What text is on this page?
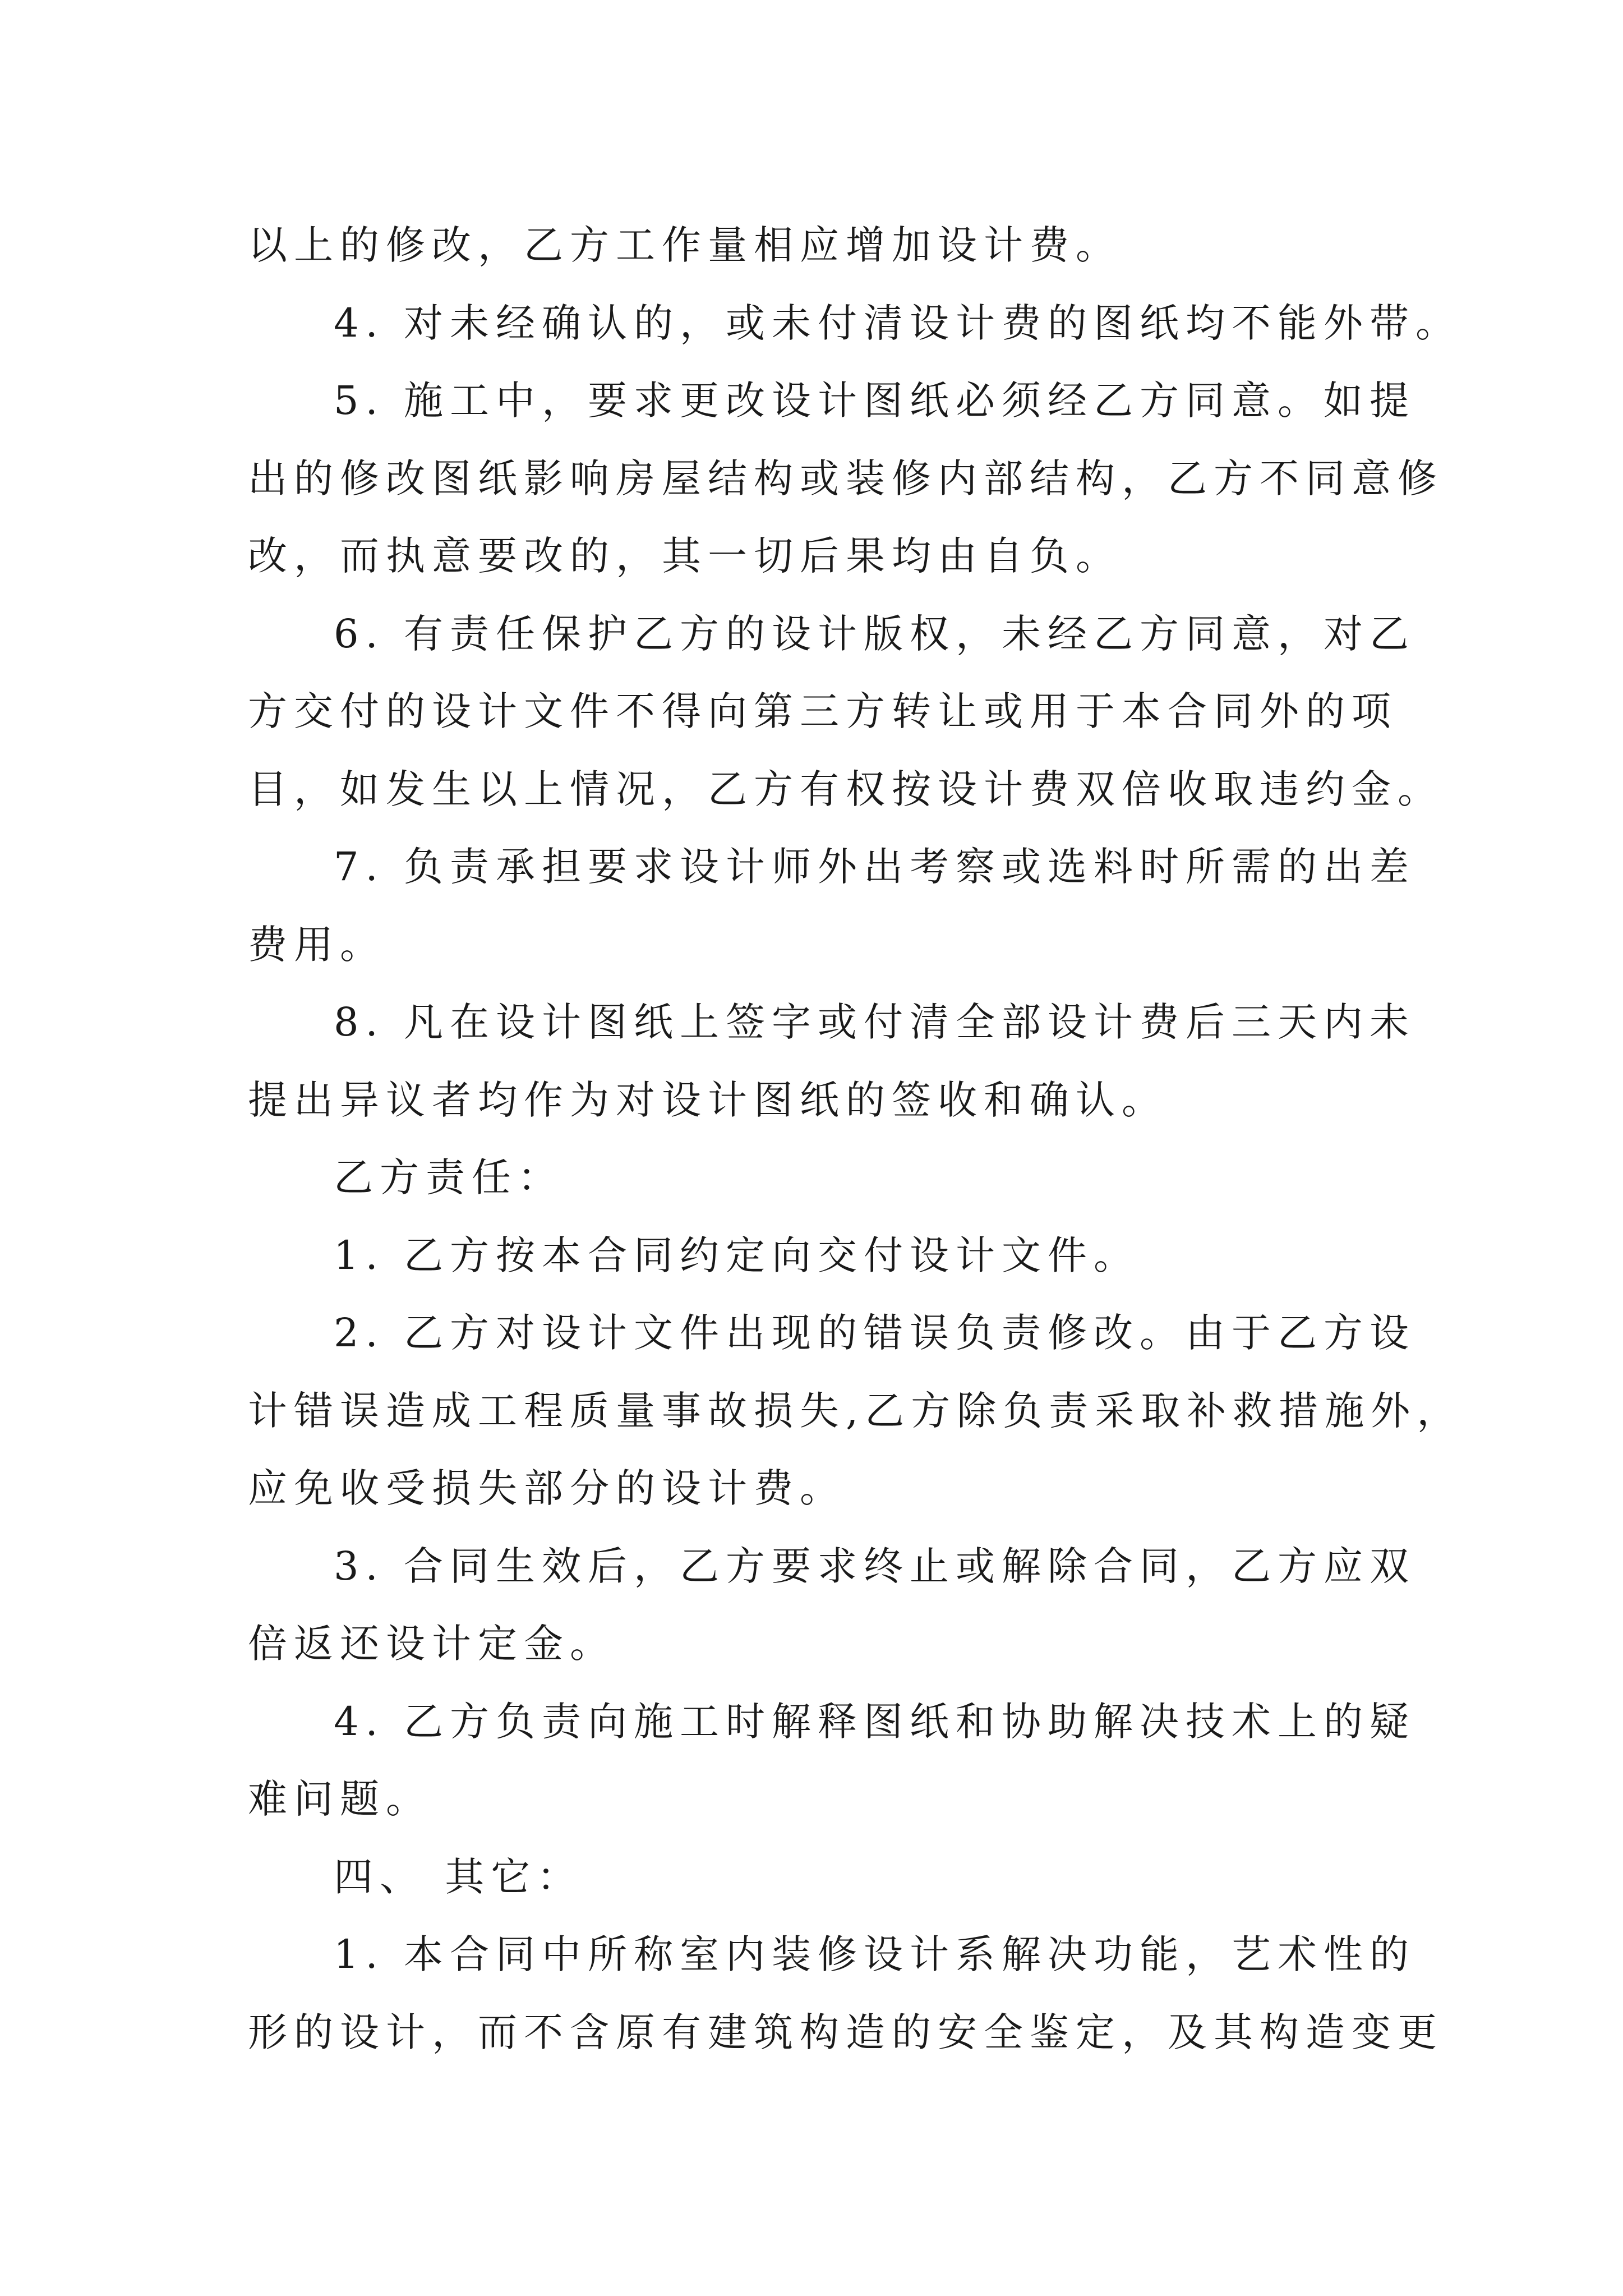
以上的修改，乙方工作量相应增加设计费。
4. 对未经确认的，或未付清设计费的图纸均不能外带。
5. 施工中，要求更改设计图纸必须经乙方同意。如提
出的修改图纸影响房屋结构或装修内部结构，乙方不同意修
改，而执意要改的，其一切后果均由自负。
6. 有责任保护乙方的设计版权，未经乙方同意，对乙
方交付的设计文件不得向第三方转让或用于本合同外的项
目，如发生以上情况，乙方有权按设计费双倍收取违约金。
7. 负责承担要求设计师外出考察或选料时所需的出差
费用。
8. 凡在设计图纸上签字或付清全部设计费后三天内未
提出异议者均作为对设计图纸的签收和确认。
乙方责任：
1. 乙方按本合同约定向交付设计文件。
2. 乙方对设计文件出现的错误负责修改。由于乙方设
计错误造成工程质量事故损失,乙方除负责采取补救措施外，
应免收受损失部分的设计费。
3. 合同生效后，乙方要求终止或解除合同，乙方应双
倍返还设计定金。
4. 乙方负责向施工时解释图纸和协助解决技术上的疑
难问题。
四、 其它：
1. 本合同中所称室内装修设计系解决功能，艺术性的
形的设计，而不含原有建筑构造的安全鉴定，及其构造变更
